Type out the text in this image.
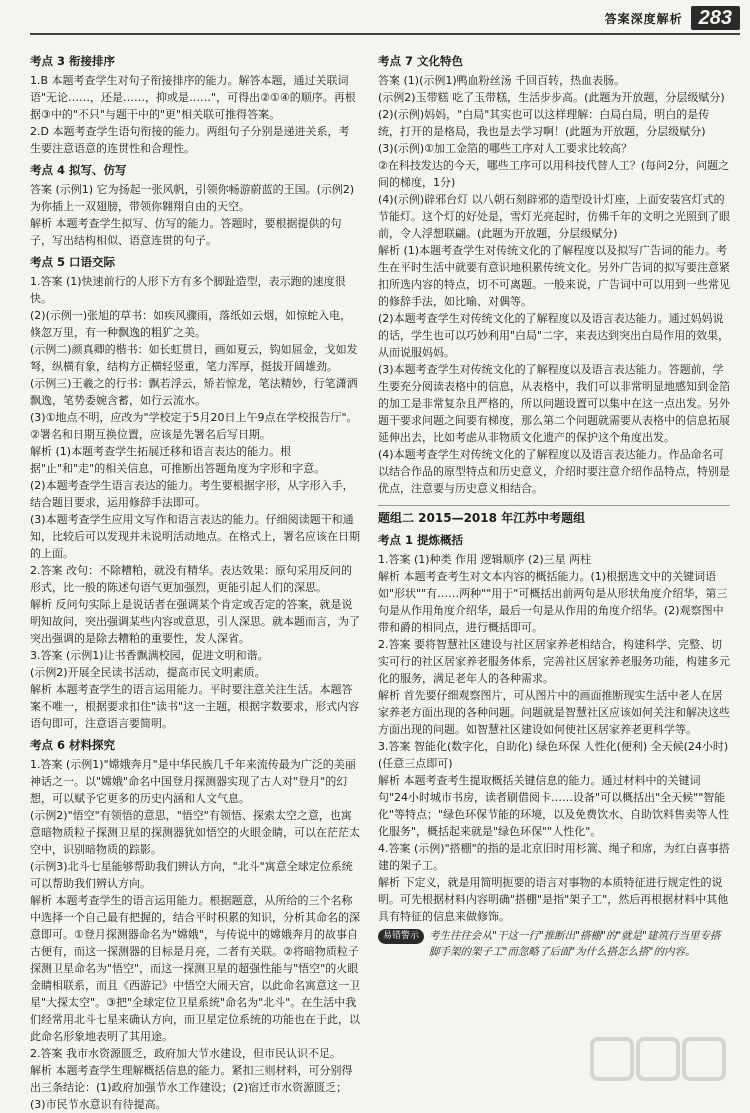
答案深度解析 283
考点 3 衔接排序
1.B 本题考查学生对句子衔接排序的能力。解答本题，通过关联词语"无论……，还是……，抑或是……"，可得出②①④的顺序。再根据③中的"不只"与题干中的"更"相关联可推得答案。
2.D 本题考查学生语句衔接的能力。两组句子分别是递进关系，考生要注意语意的连贯性和合理性。
考点 4 拟写、仿写
答案 (示例1) 它为扬起一张风帆，引领你畅游蔚蓝的王国。(示例2) 为你插上一双翅膀，带领你翱翔自由的天空。
解析 本题考查学生拟写、仿写的能力。答题时，要根据提供的句子，写出结构相似、语意连贯的句子。
考点 5 口语交际
1.答案 (1)快速前行的人形下方有多个脚趾造型，表示跑的速度很快。
(2)(示例一)张旭的草书：如疾风骤雨，落纸如云烟，如惊蛇入电，倏忽万里，有一种飘逸的粗犷之美。
(示例二)颜真卿的楷书：如长虹贯日，画如夏云，钩如屈金，戈如发弩，纵横有象，结构方正横轻竖重，笔力浑厚，挺拔开阔雄劲。
(示例三)王羲之的行书：飘若浮云，矫若惊龙，笔法精妙，行笔潇洒飘逸，笔势委婉含蓄，如行云流水。
(3)①地点不明，应改为"学校定于5月20日上午9点在学校报告厅"。
②署名和日期互换位置，应该是先署名后写日期。
解析 (1)本题考查学生拓展迁移和语言表达的能力。根据"止"和"走"的相关信息，可推断出答题角度为字形和字意。
(2)本题考查学生语言表达的能力。考生要根据字形，从字形入手，结合题目要求，运用修辞手法即可。
(3)本题考查学生应用文写作和语言表达的能力。仔细阅读题干和通知，比较后可以发现并未说明活动地点。在格式上，署名应该在日期的上面。
2.答案 改句：不除糟粕，就没有精华。表达效果：原句采用反问的形式，比一般的陈述句语气更加强烈，更能引起人们的深思。
解析 反问句实际上是说话者在强调某个肯定或否定的答案，就是说明知故问，突出强调某些内容或意思，引人深思。就本题而言，为了突出强调的是除去糟粕的重要性，发人深省。
3.答案 (示例1)让书香飘满校园，促进文明和谐。
(示例2)开展全民读书活动，提高市民文明素质。
解析 本题考查学生的语言运用能力。平时要注意关注生活。本题答案不唯一，根据要求扣住"读书"这一主题，根据字数要求，形式内容语句即可，注意语言要简明。
考点 6 材料探究
1.答案 (示例1)"嫦娥奔月"是中华民族几千年来流传最为广泛的美丽神话之一。以"嫦娥"命名中国登月探测器实现了古人对"登月"的幻想，可以赋予它更多的历史内涵和人文气息。
(示例2)"悟空"有领悟的意思，"悟空"有领悟、探索太空之意，也寓意暗物质粒子探测卫星的探测器犹如悟空的火眼金睛，可以在茫茫太空中，识别暗物质的踪影。
(示例3)北斗七星能够帮助我们辨认方向，"北斗"寓意全球定位系统可以帮助我们辨认方向。
解析 本题考查学生的语言运用能力。根据题意，从所给的三个名称中选择一个自己最有把握的，结合平时积累的知识，分析其命名的深意即可。①登月探测器命名为"嫦娥"，与传说中的嫦娥奔月的故事自古便有，而这一探测器的目标是月亮，二者有关联。②将暗物质粒子探测卫星命名为"悟空"，而这一探测卫星的超强性能与"悟空"的火眼金睛相联系，而且《西游记》中悟空大闹天宫，以此命名寓意这一卫星"大探太空"。③把"全球定位卫星系统"命名为"北斗"。在生活中我们经常用北斗七星来确认方向，而卫星定位系统的功能也在于此，以此命名形象地表明了其用途。
2.答案 我市水资源匮乏，政府加大节水建设，但市民认识不足。
解析 本题考查学生理解概括信息的能力。紧扣三则材料，可分别得出三条结论：(1)政府加强节水工作建设；(2)宿迁市水资源匮乏；(3)市民节水意识有待提高。
考点 7 文化特色
答案 (1)(示例1)鸭血粉丝汤 千回百转，热血表肠。
(示例2)玉带糕 吃了玉带糕，生活步步高。(此题为开放题，分层级赋分)
(2)(示例)妈妈，"白局"其实也可以这样理解：白局白局，明白的是传统，打开的是格局，我也是去学习啊！(此题为开放题，分层级赋分)
(3)(示例)①加工金箔的哪些工序对人工要求比较高？
②在科技发达的今天，哪些工序可以用科技代替人工？(每问2分，问题之间的梯度，1分)
(4)(示例)辟邪台灯 以八朝石刻辟邪的造型设计灯座，上面安装宫灯式的节能灯。这个灯的好处是，雪灯光亮起时，仿佛千年的文明之光照到了眼前，令人浮想联翩。(此题为开放题，分层级赋分)
解析 (1)本题考查学生对传统文化的了解程度以及拟写广告词的能力。考生在平时生活中就要有意识地积累传统文化。另外广告词的拟写要注意紧扣所选内容的特点，切不可离题。一般来说，广告词中可以用到一些常见的修辞手法，如比喻、对偶等。
(2)本题考查学生对传统文化的了解程度以及语言表达能力。通过妈妈说的话，学生也可以巧妙利用"白局"二字，来表达到突出白局作用的效果，从而说服妈妈。
(3)本题考查学生对传统文化的了解程度以及语言表达能力。答题前，学生要充分阅读表格中的信息，从表格中，我们可以非常明显地感知到金箔的加工是非常复杂且严格的，所以问题设置可以集中在这一点出发。另外题干要求问题之间要有梯度，那么第二个问题就需要从表格中的信息拓展延伸出去，比如考虑从非物质文化遗产的保护这个角度出发。
(4)本题考查学生对传统文化的了解程度以及语言表达能力。作品命名可以结合作品的原型特点和历史意义，介绍时要注意介绍作品特点，特别是优点，注意要与历史意义相结合。
题组二 2015—2018 年江苏中考题组
考点 1 提炼概括
1.答案 (1)种类 作用 逻辑顺序 (2)三星 两柱
解析 本题考查考生对文本内容的概括能力。(1)根据选文中的关键词语如"形状""有……两种""用于"可概括出前两句是从形状角度介绍华，第三句是从作用角度介绍华，最后一句是从作用的角度介绍华。(2)观察图中带和爵的相同点，进行概括即可。
2.答案 要将智慧社区建设与社区居家养老相结合，构建科学、完整、切实可行的社区居家养老服务体系，完善社区居家养老服务功能，构建多元化的服务，满足老年人的各种需求。
解析 首先要仔细观察图片，可从图片中的画面推断现实生活中老人在居家养老方面出现的各种问题。问题就是智慧社区应该如何关注和解决这些方面出现的问题。如智慧社区建设如何使社区居家养老更科学等。
3.答案 智能化(数字化，自助化) 绿色环保 人性化(便利) 全天候(24小时)(任意三点即可)
解析 本题考查考生提取概括关键信息的能力。通过材料中的关键词句"24小时城市书房，读者刷借阅卡……设备"可以概括出"全天候""智能化"等特点；"绿色环保节能的环境，以及免费饮水、自助饮料售卖等人性化服务"，概括起来就是"绿色环保""人性化"。
4.答案 (示例)"搭棚"的指的是北京旧时用杉篙、绳子和席，为红白喜事搭建的架子工。
解析 下定义，就是用简明扼要的语言对事物的本质特征进行规定性的说明。可先根据材料内容明确"搭棚"是指"架子工"，然后再根据材料中其他具有特征的信息来做修饰。
易错警示 考生往往会从"干这一行"推断出"搭棚"的"就是"建筑行当里专搭脚手架的架子工"而忽略了后面"为什么搭怎么搭"的内容。
